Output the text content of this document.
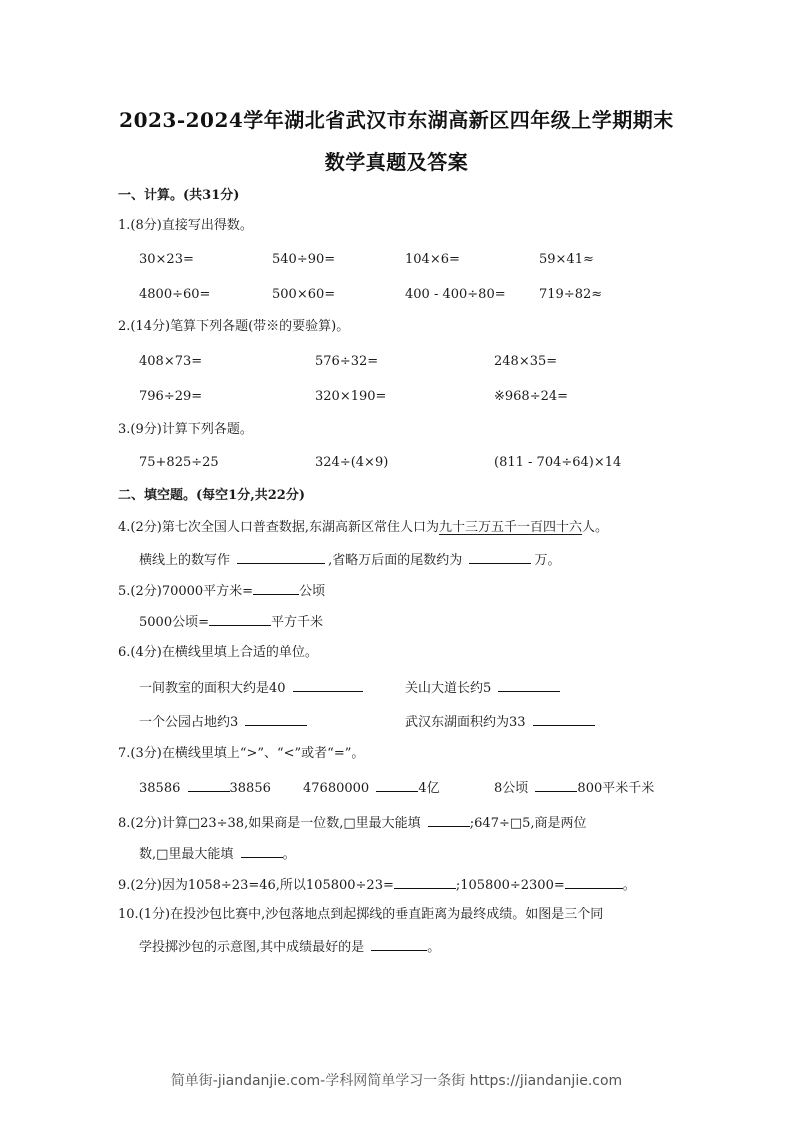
2023-2024学年湖北省武汉市东湖高新区四年级上学期期末
数学真题及答案
一、计算。(共31分)
1.(8分)直接写出得数。
30×23=	540÷90=	104×6=	59×41≈
4800÷60=	500×60=	400 - 400÷80=	719÷82≈
2.(14分)笔算下列各题(带※的要验算)。
408×73=	576÷32=	248×35=
796÷29=	320×190=	※968÷24=
3.(9分)计算下列各题。
75+825÷25	324÷(4×9)	(811 - 704÷64)×14
二、填空题。(每空1分,共22分)
4.(2分)第七次全国人口普查数据,东湖高新区常住人口为九十三万五千一百四十六人。
横线上的数写作	,省略万后面的尾数约为	万。
5.(2分)70000平方米=	公顷
5000公顷=	平方千米
6.(4分)在横线里填上合适的单位。
一间教室的面积大约是40	关山大道长约5
一个公园占地约3	武汉东湖面积约为33
7.(3分)在横线里填上“>”、“<”或者“=”。
38586	38856 47680000	4亿	8公顷	800平米千米
8.(2分)计算□23÷38,如果商是一位数,□里最大能填	;647÷□5,商是两位
数,□里最大能填	。
9.(2分)因为1058÷23=46,所以105800÷23=	;105800÷2300=	。
10.(1分)在投沙包比赛中,沙包落地点到起掷线的垂直距离为最终成绩。如图是三个同
学投掷沙包的示意图,其中成绩最好的是	。
简单街-jiandanjie.com-学科网简单学习一条街 https://jiandanjie.com
